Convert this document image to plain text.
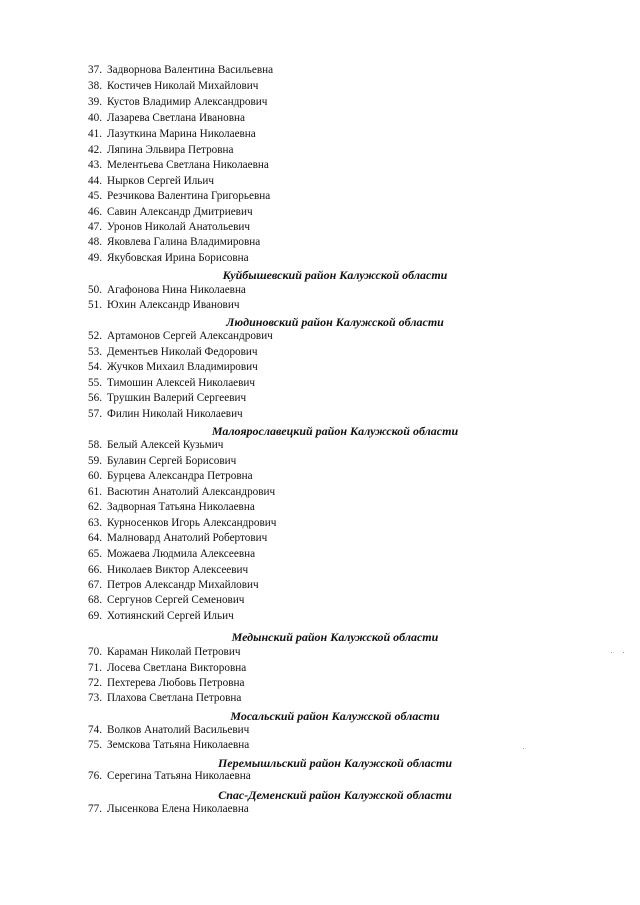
37. Задворнова Валентина Васильевна
38. Костичев Николай Михайлович
39. Кустов Владимир Александрович
40. Лазарева Светлана Ивановна
41. Лазуткина Марина Николаевна
42. Ляпина Эльвира Петровна
43. Мелентьева Светлана Николаевна
44. Ныркoв Сергей Ильич
45. Резчикова Валентина Григорьевна
46. Савин Александр Дмитриевич
47. Уронов Николай Анатольевич
48. Яковлева Галина Владимировна
49. Якубовская Ирина Борисовна
Куйбышевский район Калужской области
50. Агафонова Нина Николаевна
51. Юхин Александр Иванович
Людиновский район Калужской области
52. Артамонов Сергей Александрович
53. Дементьев Николай Федорович
54. Жучков Михаил Владимирович
55. Тимошин Алексей Николаевич
56. Трушкин Валерий Сергеевич
57. Филин Николай Николаевич
Малоярославецкий район Калужской области
58. Белый Алексей Кузьмич
59. Булавин Сергей Борисович
60. Бурцева Александра Петровна
61. Васютин Анатолий Александрович
62. Задворная Татьяна Николаевна
63. Курносенков Игорь Александрович
64. Малновард Анатолий Робертович
65. Можаева Людмила Алексеевна
66. Николаев Виктор Алексеевич
67. Петров Александр Михайлович
68. Сергунов Сергей Семенович
69. Хотиянский Сергей Ильич
Медынский район Калужской области
70. Караман Николай Петрович
71. Лосева Светлана Викторовна
72. Пехтерева Любовь Петровна
73. Плахова Светлана Петровна
Мосальский район Калужской области
74. Волков Анатолий Васильевич
75. Земскова Татьяна Николаевна
Перемышльский район Калужской области
76. Серегина Татьяна Николаевна
Спас-Деменский район Калужской области
77. Лысенкова Елена Николаевна
